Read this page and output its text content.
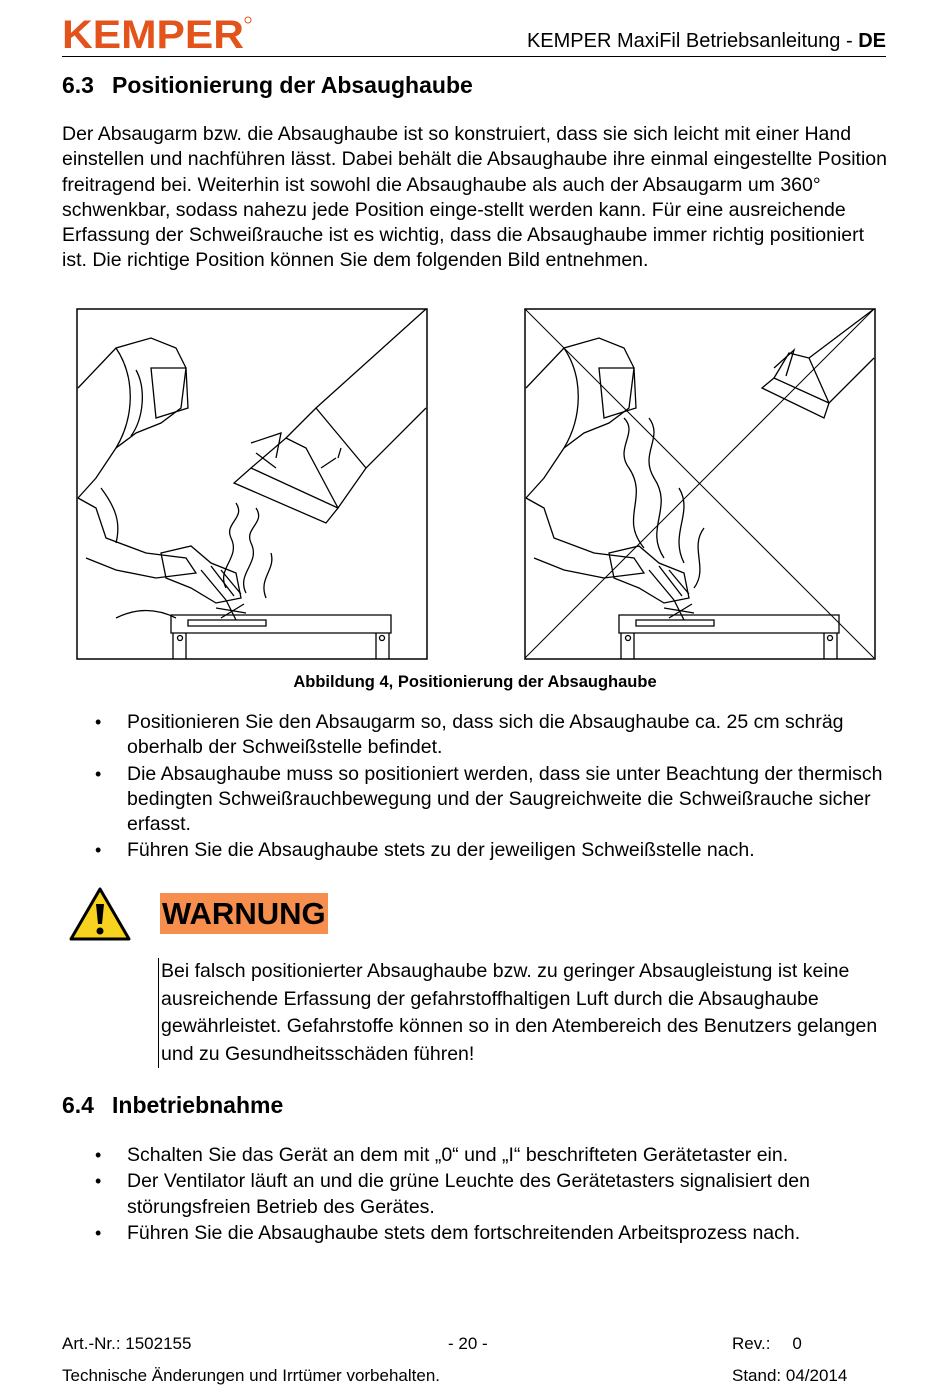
KEMPER	KEMPER MaxiFil Betriebsanleitung - DE
6.3 Positionierung der Absaughaube
Der Absaugarm bzw. die Absaughaube ist so konstruiert, dass sie sich leicht mit einer Hand einstellen und nachführen lässt. Dabei behält die Absaughaube ihre einmal eingestellte Position freitragend bei. Weiterhin ist sowohl die Absaughaube als auch der Absaugarm um 360° schwenkbar, sodass nahezu jede Position einge-stellt werden kann. Für eine ausreichende Erfassung der Schweißrauche ist es wichtig, dass die Absaughaube immer richtig positioniert ist. Die richtige Position können Sie dem folgenden Bild entnehmen.
Abbildung 4, Positionierung der Absaughaube
• Positionieren Sie den Absaugarm so, dass sich die Absaughaube ca. 25 cm schräg oberhalb der Schweißstelle befindet.
• Die Absaughaube muss so positioniert werden, dass sie unter Beachtung der thermisch bedingten Schweißrauchbewegung und der Saugreichweite die Schweißrauche sicher erfasst.
• Führen Sie die Absaughaube stets zu der jeweiligen Schweißstelle nach.
WARNUNG
Bei falsch positionierter Absaughaube bzw. zu geringer Absaugleistung ist keine ausreichende Erfassung der gefahrstoffhaltigen Luft durch die Absaughaube gewährleistet. Gefahrstoffe können so in den Atembereich des Benutzers gelangen und zu Gesundheitsschäden führen!
6.4 Inbetriebnahme
• Schalten Sie das Gerät an dem mit „0“ und „I“ beschrifteten Gerätetaster ein.
• Der Ventilator läuft an und die grüne Leuchte des Gerätetasters signalisiert den störungsfreien Betrieb des Gerätes.
• Führen Sie die Absaughaube stets dem fortschreitenden Arbeitsprozess nach.
Art.-Nr.: 1502155	- 20 -	Rev.: 0
Technische Änderungen und Irrtümer vorbehalten.	Stand: 04/2014
